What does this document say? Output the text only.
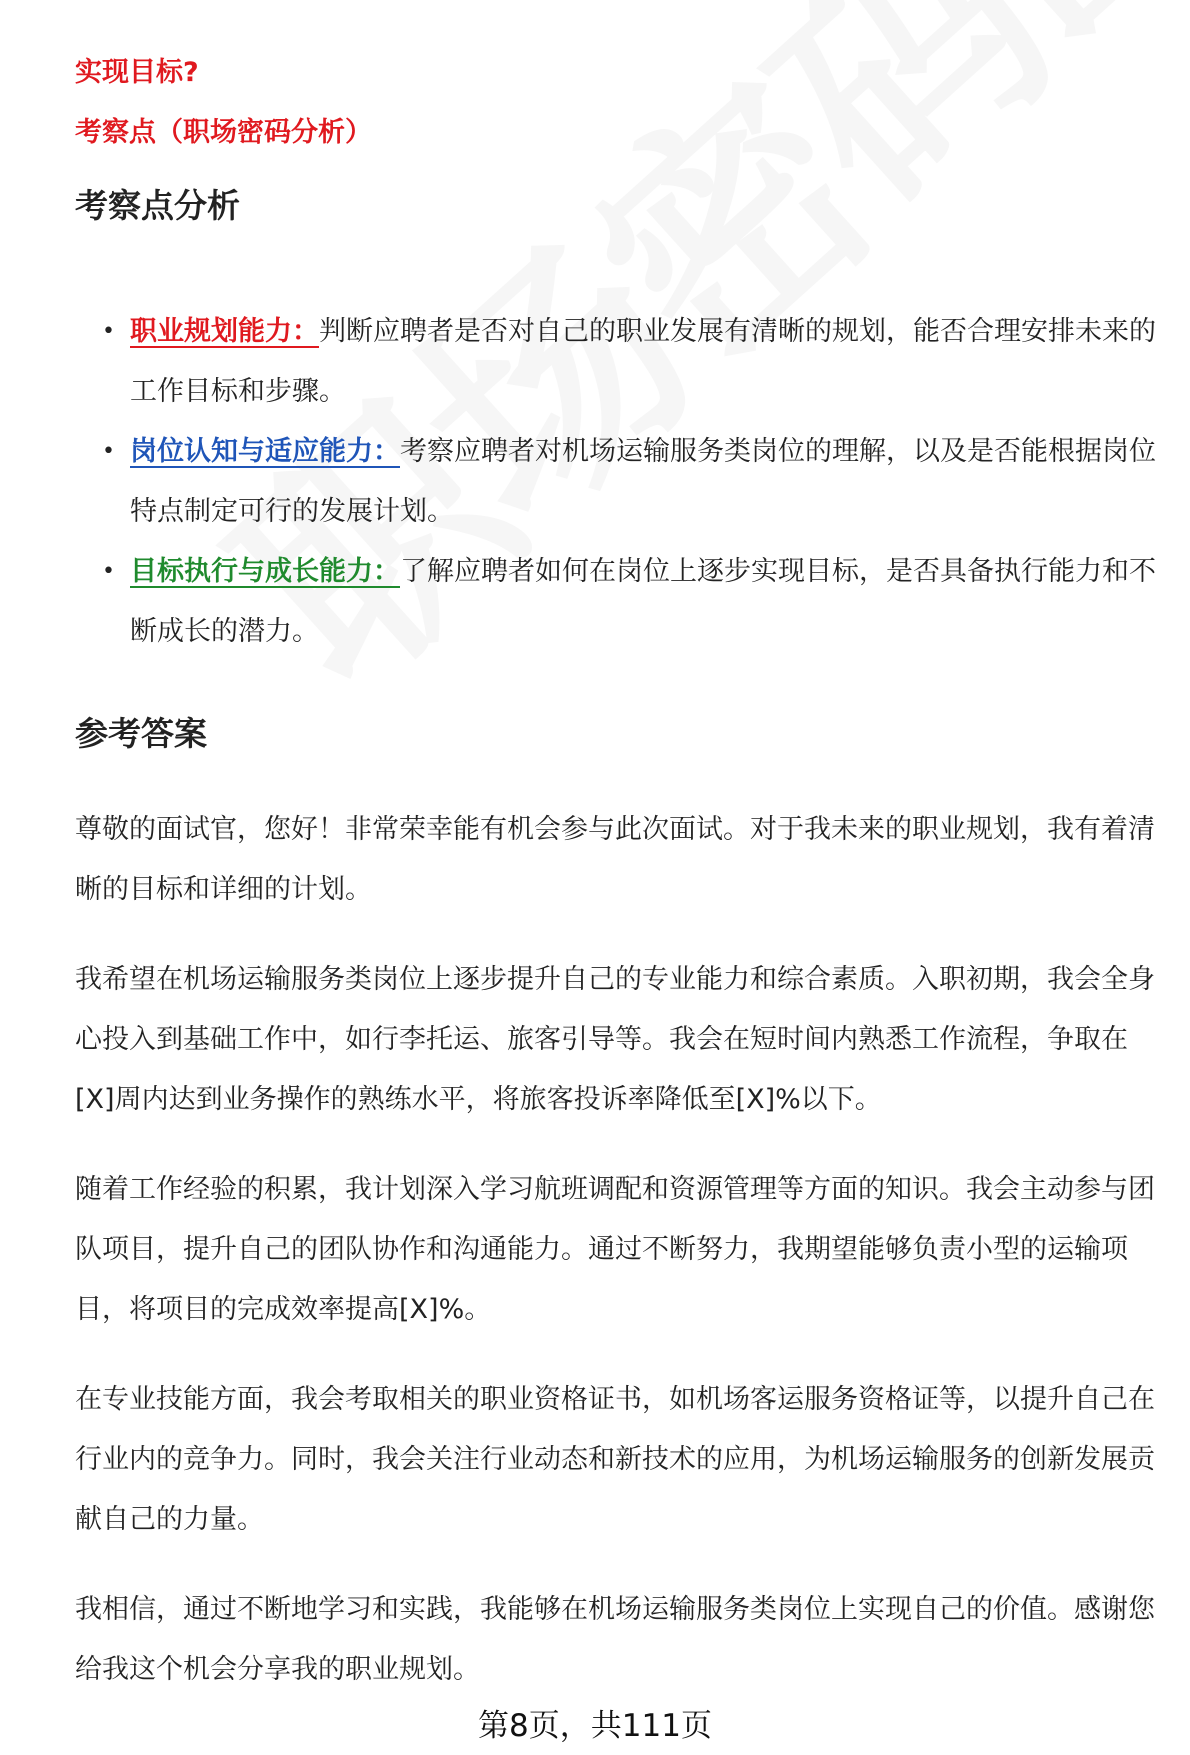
实现目标?
考察点（职场密码分析）
考察点分析
• 职业规划能力：判断应聘者是否对自己的职业发展有清晰的规划，能否合理安排未来的工作目标和步骤。
• 岗位认知与适应能力：考察应聘者对机场运输服务类岗位的理解，以及是否能根据岗位特点制定可行的发展计划。
• 目标执行与成长能力：了解应聘者如何在岗位上逐步实现目标，是否具备执行能力和不断成长的潜力。
参考答案

尊敬的面试官，您好！非常荣幸能有机会参与此次面试。对于我未来的职业规划，我有着清晰的目标和详细的计划。

我希望在机场运输服务类岗位上逐步提升自己的专业能力和综合素质。入职初期，我会全身心投入到基础工作中，如行李托运、旅客引导等。我会在短时间内熟悉工作流程，争取在[X]周内达到业务操作的熟练水平，将旅客投诉率降低至[X]%以下。

随着工作经验的积累，我计划深入学习航班调配和资源管理等方面的知识。我会主动参与团队项目，提升自己的团队协作和沟通能力。通过不断努力，我期望能够负责小型的运输项目，将项目的完成效率提高[X]%。

在专业技能方面，我会考取相关的职业资格证书，如机场客运服务资格证等，以提升自己在行业内的竞争力。同时，我会关注行业动态和新技术的应用，为机场运输服务的创新发展贡献自己的力量。

我相信，通过不断地学习和实践，我能够在机场运输服务类岗位上实现自己的价值。感谢您给我这个机会分享我的职业规划。

第8页，共111页
